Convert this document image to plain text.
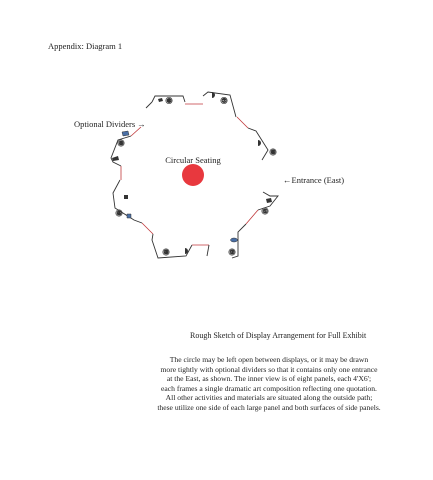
Appendix: Diagram 1
⑥	⑦
⑧
①
②
③
④
⑤
Circular Seating
Optional Dividers →
←Entrance (East)
Rough Sketch of Display Arrangement for Full Exhibit
The circle may be left open between displays, or it may be drawn
more tightly with optional dividers so that it contains only one entrance
at the East, as shown. The inner view is of eight panels, each 4'X6';
each frames a single dramatic art composition reflecting one quotation.
All other activities and materials are situated along the outside path;
these utilize one side of each large panel and both surfaces of side panels.
